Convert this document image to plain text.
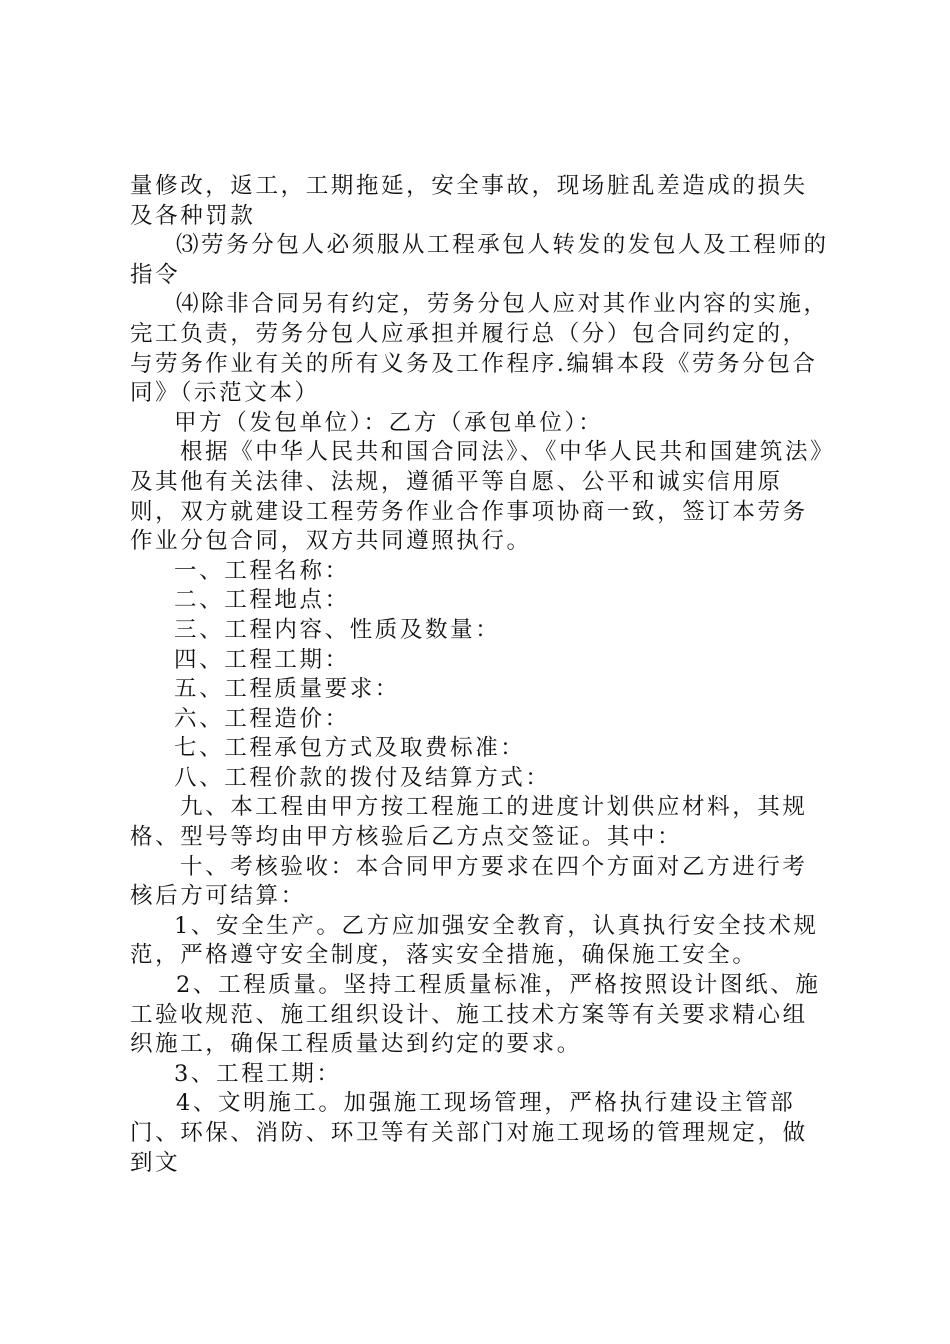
量修改，返工，工期拖延，安全事故，现场脏乱差造成的损失及各种罚款

⑶劳务分包人必须服从工程承包人转发的发包人及工程师的指令

⑷除非合同另有约定，劳务分包人应对其作业内容的实施，完工负责，劳务分包人应承担并履行总（分）包合同约定的，与劳务作业有关的所有义务及工作程序.编辑本段《劳务分包合同》（示范文本）

甲方（发包单位）：乙方（承包单位）：

根据《中华人民共和国合同法》、《中华人民共和国建筑法》及其他有关法律、法规，遵循平等自愿、公平和诚实信用原则，双方就建设工程劳务作业合作事项协商一致，签订本劳务作业分包合同，双方共同遵照执行。

一、工程名称：

二、工程地点：

三、工程内容、性质及数量：

四、工程工期：

五、工程质量要求：

六、工程造价：

七、工程承包方式及取费标准：

八、工程价款的拨付及结算方式：

九、本工程由甲方按工程施工的进度计划供应材料，其规格、型号等均由甲方核验后乙方点交签证。其中：

十、考核验收：本合同甲方要求在四个方面对乙方进行考核后方可结算：

1、安全生产。乙方应加强安全教育，认真执行安全技术规范，严格遵守安全制度，落实安全措施，确保施工安全。

2、工程质量。坚持工程质量标准，严格按照设计图纸、施工验收规范、施工组织设计、施工技术方案等有关要求精心组织施工，确保工程质量达到约定的要求。

3、工程工期：

4、文明施工。加强施工现场管理，严格执行建设主管部门、环保、消防、环卫等有关部门对施工现场的管理规定，做到文
